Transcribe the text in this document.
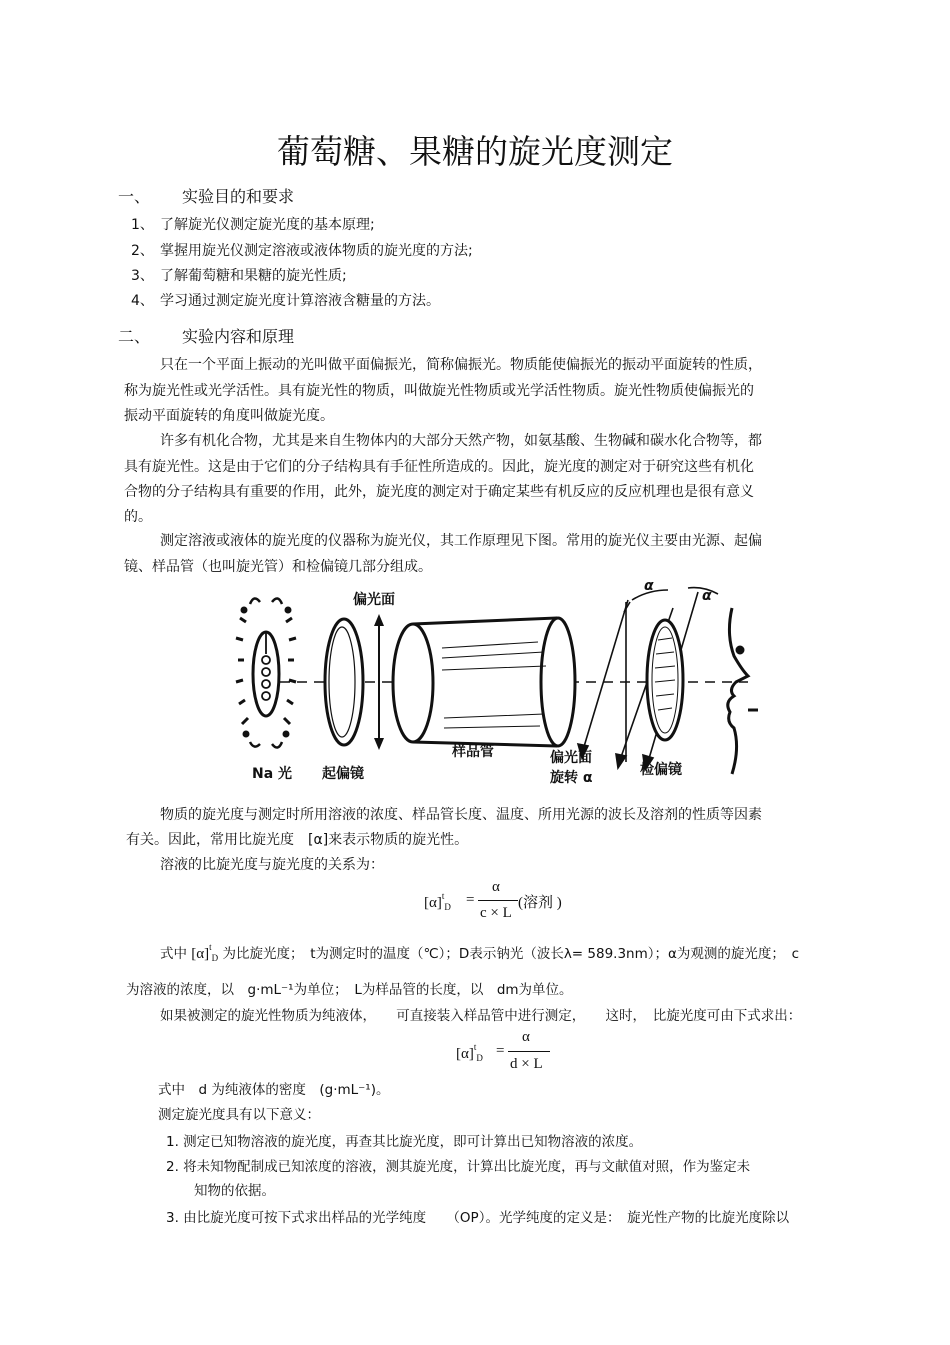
葡萄糖、果糖的旋光度测定
一、 实验目的和要求
1、 了解旋光仪测定旋光度的基本原理;
2、 掌握用旋光仪测定溶液或液体物质的旋光度的方法;
3、 了解葡萄糖和果糖的旋光性质;
4、 学习通过测定旋光度计算溶液含糖量的方法。
二、 实验内容和原理
只在一个平面上振动的光叫做平面偏振光，简称偏振光。物质能使偏振光的振动平面旋转的性质，
称为旋光性或光学活性。具有旋光性的物质，叫做旋光性物质或光学活性物质。旋光性物质使偏振光的
振动平面旋转的角度叫做旋光度。
许多有机化合物，尤其是来自生物体内的大部分天然产物，如氨基酸、生物碱和碳水化合物等，都
具有旋光性。这是由于它们的分子结构具有手征性所造成的。因此，旋光度的测定对于研究这些有机化
合物的分子结构具有重要的作用，此外，旋光度的测定对于确定某些有机反应的反应机理也是很有意义
的。
测定溶液或液体的旋光度的仪器称为旋光仪，其工作原理见下图。常用的旋光仪主要由光源、起偏
镜、样品管（也叫旋光管）和检偏镜几部分组成。
α
α
偏光面
Na 光 起偏镜
样品管	偏光面
旋转 α	检偏镜
物质的旋光度与测定时所用溶液的浓度、样品管长度、温度、所用光源的波长及溶剂的性质等因素
有关。因此，常用比旋光度　[α]来表示物质的旋光性。
溶液的比旋光度与旋光度的关系为：
$[\alpha]^t_D$ =
α
c × L
(溶剂 )
式中 $[\alpha]^t_D$ 为比旋光度；　t为测定时的温度（℃）；D表示钠光（波长λ= 589.3nm）；α为观测的旋光度；　c
为溶液的浓度，以　g·mL⁻¹为单位；　L为样品管的长度，以　dm为单位。
如果被测定的旋光性物质为纯液体，　　可直接装入样品管中进行测定，　　这时，　比旋光度可由下式求出：
$[\alpha]^t_D$ =
α
d × L
式中　d 为纯液体的密度　(g·mL⁻¹)。
测定旋光度具有以下意义：
1. 测定已知物溶液的旋光度，再查其比旋光度，即可计算出已知物溶液的浓度。
2. 将未知物配制成已知浓度的溶液，测其旋光度，计算出比旋光度，再与文献值对照，作为鉴定未
知物的依据。
3. 由比旋光度可按下式求出样品的光学纯度　　（OP）。光学纯度的定义是：　旋光性产物的比旋光度除以
